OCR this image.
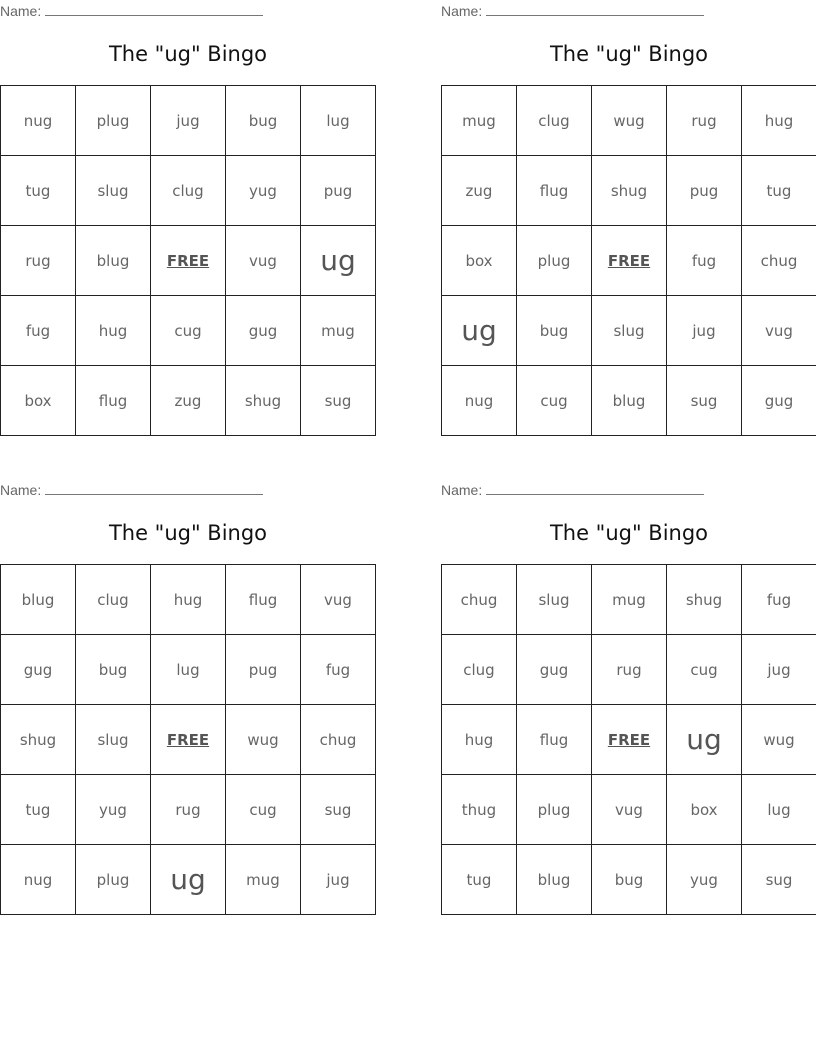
Name:
The "ug" Bingo
nug	plug	jug	bug	lug
tug	slug	clug	yug	pug
rug	blug	FREE	vug	ug
fug	hug	cug	gug	mug
box	flug	zug	shug	sug
Name:
The "ug" Bingo
mug	clug	wug	rug	hug
zug	flug	shug	pug	tug
box	plug	FREE	fug	chug
ug	bug	slug	jug	vug
nug	cug	blug	sug	gug
Name:
The "ug" Bingo
blug	clug	hug	flug	vug
gug	bug	lug	pug	fug
shug	slug	FREE	wug	chug
tug	yug	rug	cug	sug
nug	plug	ug	mug	jug
Name:
The "ug" Bingo
chug	slug	mug	shug	fug
clug	gug	rug	cug	jug
hug	flug	FREE	ug	wug
thug	plug	vug	box	lug
tug	blug	bug	yug	sug
